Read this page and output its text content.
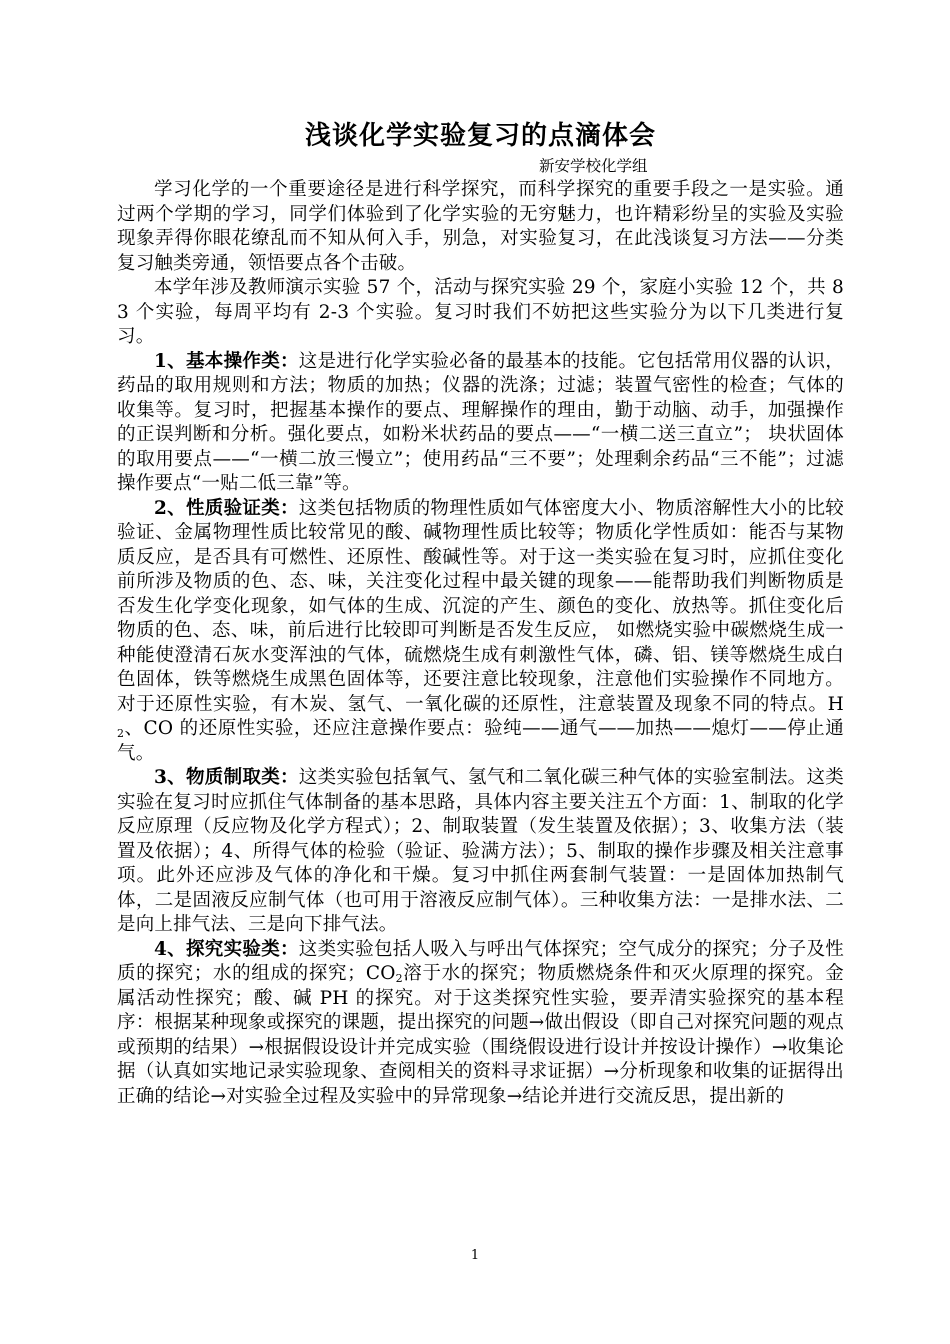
浅谈化学实验复习的点滴体会

新安学校化学组

学习化学的一个重要途径是进行科学探究，而科学探究的重要手段之一是实验。通过两个学期的学习，同学们体验到了化学实验的无穷魅力，也许精彩纷呈的实验及实验现象弄得你眼花缭乱而不知从何入手，别急，对实验复习，在此浅谈复习方法——分类复习触类旁通，领悟要点各个击破。

本学年涉及教师演示实验 57 个，活动与探究实验 29 个，家庭小实验 12 个，共 83 个实验，每周平均有 2-3 个实验。复习时我们不妨把这些实验分为以下几类进行复习。

1、基本操作类：这是进行化学实验必备的最基本的技能。它包括常用仪器的认识，药品的取用规则和方法；物质的加热；仪器的洗涤；过滤；装置气密性的检查；气体的收集等。复习时，把握基本操作的要点、理解操作的理由，勤于动脑、动手，加强操作的正误判断和分析。强化要点，如粉米状药品的要点——“一横二送三直立”； 块状固体的取用要点——“一横二放三慢立”；使用药品“三不要”；处理剩余药品“三不能”；过滤操作要点“一贴二低三靠”等。

2、性质验证类：这类包括物质的物理性质如气体密度大小、物质溶解性大小的比较验证、金属物理性质比较常见的酸、碱物理性质比较等；物质化学性质如：能否与某物质反应，是否具有可燃性、还原性、酸碱性等。对于这一类实验在复习时，应抓住变化前所涉及物质的色、态、味，关注变化过程中最关键的现象——能帮助我们判断物质是否发生化学变化现象，如气体的生成、沉淀的产生、颜色的变化、放热等。抓住变化后物质的色、态、味，前后进行比较即可判断是否发生反应， 如燃烧实验中碳燃烧生成一种能使澄清石灰水变浑浊的气体，硫燃烧生成有刺激性气体，磷、铝、镁等燃烧生成白色固体，铁等燃烧生成黑色固体等，还要注意比较现象，注意他们实验操作不同地方。对于还原性实验，有木炭、氢气、一氧化碳的还原性，注意装置及现象不同的特点。$H_2$、CO 的还原性实验，还应注意操作要点：验纯——通气——加热——熄灯——停止通气。

3、物质制取类：这类实验包括氧气、氢气和二氧化碳三种气体的实验室制法。这类实验在复习时应抓住气体制备的基本思路，具体内容主要关注五个方面：1、制取的化学反应原理（反应物及化学方程式）；2、制取装置（发生装置及依据）；3、收集方法（装置及依据）；4、所得气体的检验（验证、验满方法）；5、制取的操作步骤及相关注意事项。此外还应涉及气体的净化和干燥。复习中抓住两套制气装置：一是固体加热制气体，二是固液反应制气体（也可用于溶液反应制气体）。三种收集方法：一是排水法、二是向上排气法、三是向下排气法。

4、探究实验类：这类实验包括人吸入与呼出气体探究；空气成分的探究；分子及性质的探究；水的组成的探究；$CO_2$溶于水的探究；物质燃烧条件和灭火原理的探究。金属活动性探究；酸、碱 PH 的探究。对于这类探究性实验，要弄清实验探究的基本程序：根据某种现象或探究的课题，提出探究的问题→做出假设（即自己对探究问题的观点或预期的结果）→根据假设设计并完成实验（围绕假设进行设计并按设计操作）→收集论据（认真如实地记录实验现象、查阅相关的资料寻求证据）→分析现象和收集的证据得出正确的结论→对实验全过程及实验中的异常现象→结论并进行交流反思，提出新的

1
